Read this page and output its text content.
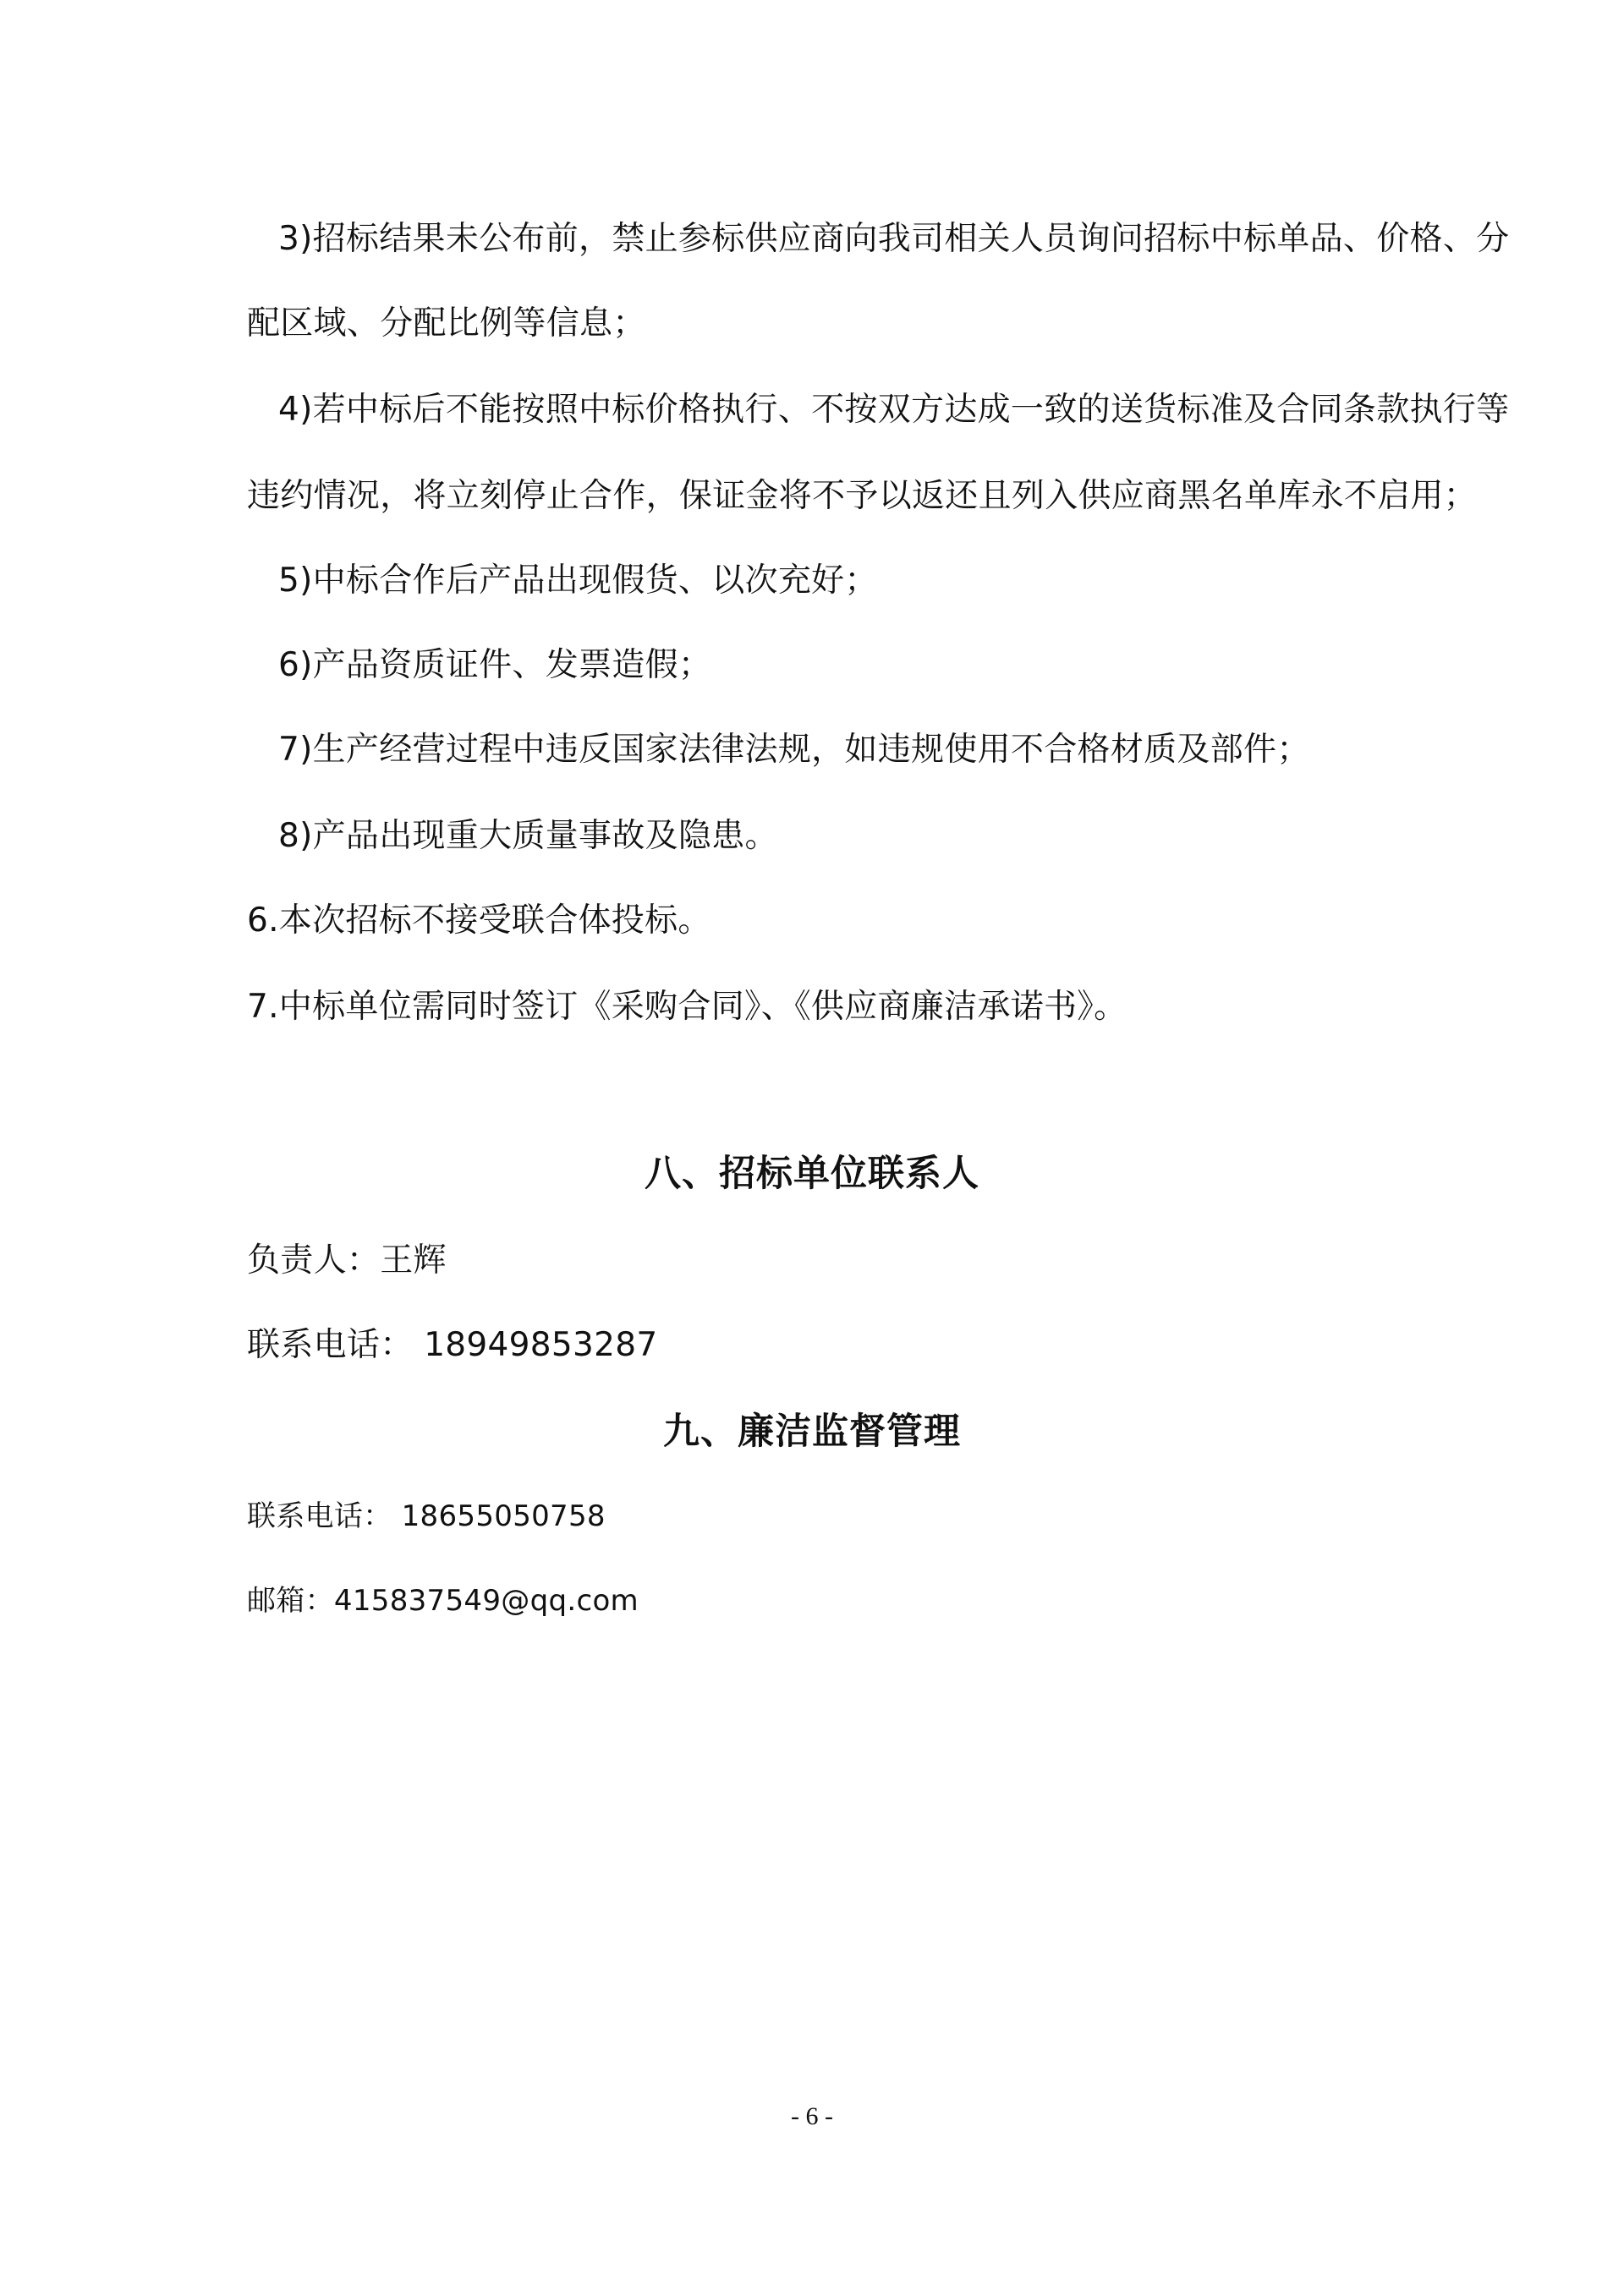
3)招标结果未公布前，禁止参标供应商向我司相关人员询问招标中标单品、价格、分
配区域、分配比例等信息；
4)若中标后不能按照中标价格执行、不按双方达成一致的送货标准及合同条款执行等
违约情况，将立刻停止合作，保证金将不予以返还且列入供应商黑名单库永不启用；
5)中标合作后产品出现假货、以次充好；
6)产品资质证件、发票造假；
7)生产经营过程中违反国家法律法规，如违规使用不合格材质及部件；
8)产品出现重大质量事故及隐患。
6.本次招标不接受联合体投标。
7.中标单位需同时签订《采购合同》、《供应商廉洁承诺书》。
八、招标单位联系人
负责人：王辉
联系电话： 18949853287
九、廉洁监督管理
联系电话： 18655050758
邮箱：415837549@qq.com
- 6 -
